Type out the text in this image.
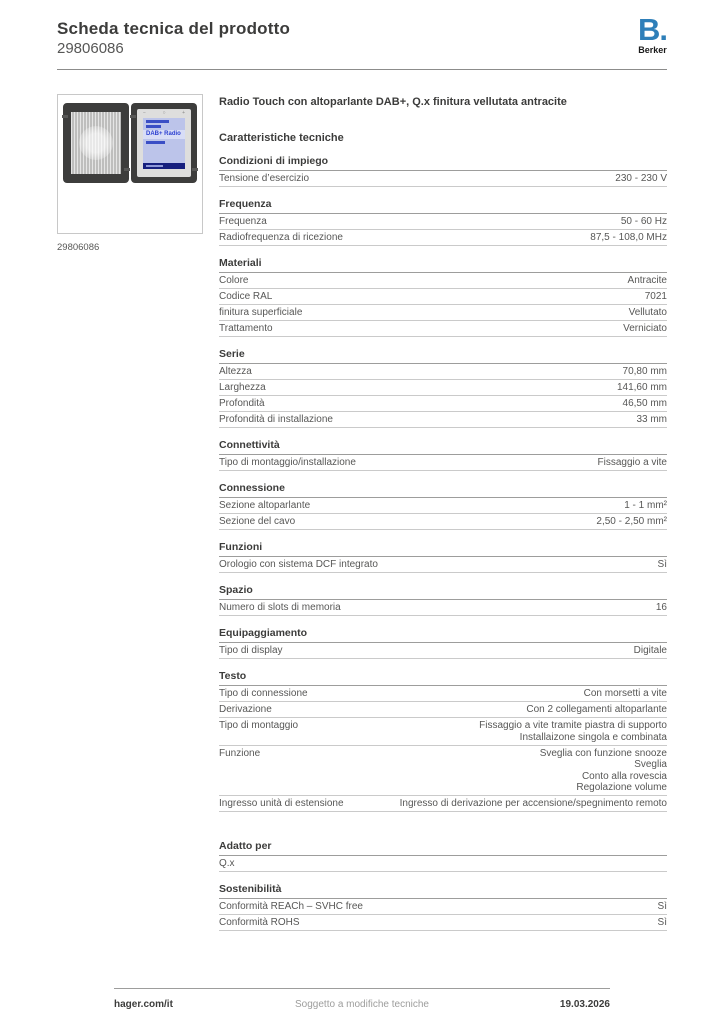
Scheda tecnica del prodotto
29806086
B.
Berker
−	○	+
DAB+ Radio
29806086
Radio Touch con altoparlante DAB+, Q.x finitura vellutata antracite
Caratteristiche tecniche
Condizioni di impiego
Tensione d’esercizio	230 - 230 V
Frequenza
Frequenza	50 - 60 Hz
Radiofrequenza di ricezione	87,5 - 108,0 MHz
Materiali
Colore	Antracite
Codice RAL	7021
finitura superficiale	Vellutato
Trattamento	Verniciato
Serie
Altezza	70,80 mm
Larghezza	141,60 mm
Profondità	46,50 mm
Profondità di installazione	33 mm
Connettività
Tipo di montaggio/installazione	Fissaggio a vite
Connessione
Sezione altoparlante	1 - 1 mm²
Sezione del cavo	2,50 - 2,50 mm²
Funzioni
Orologio con sistema DCF integrato	Sì
Spazio
Numero di slots di memoria	16
Equipaggiamento
Tipo di display	Digitale
Testo
Tipo di connessione	Con morsetti a vite
Derivazione	Con 2 collegamenti altoparlante
Tipo di montaggio	Fissaggio a vite tramite piastra di supporto
Installaizone singola e combinata
Funzione	Sveglia con funzione snooze
Sveglia
Conto alla rovescia
Regolazione volume
Ingresso unità di estensione	Ingresso di derivazione per accensione/spegnimento remoto
Adatto per
Q.x
Sostenibilità
Conformità REACh – SVHC free	Sì
Conformità ROHS	Sì
hager.com/it	Soggetto a modifiche tecniche	19.03.2026
